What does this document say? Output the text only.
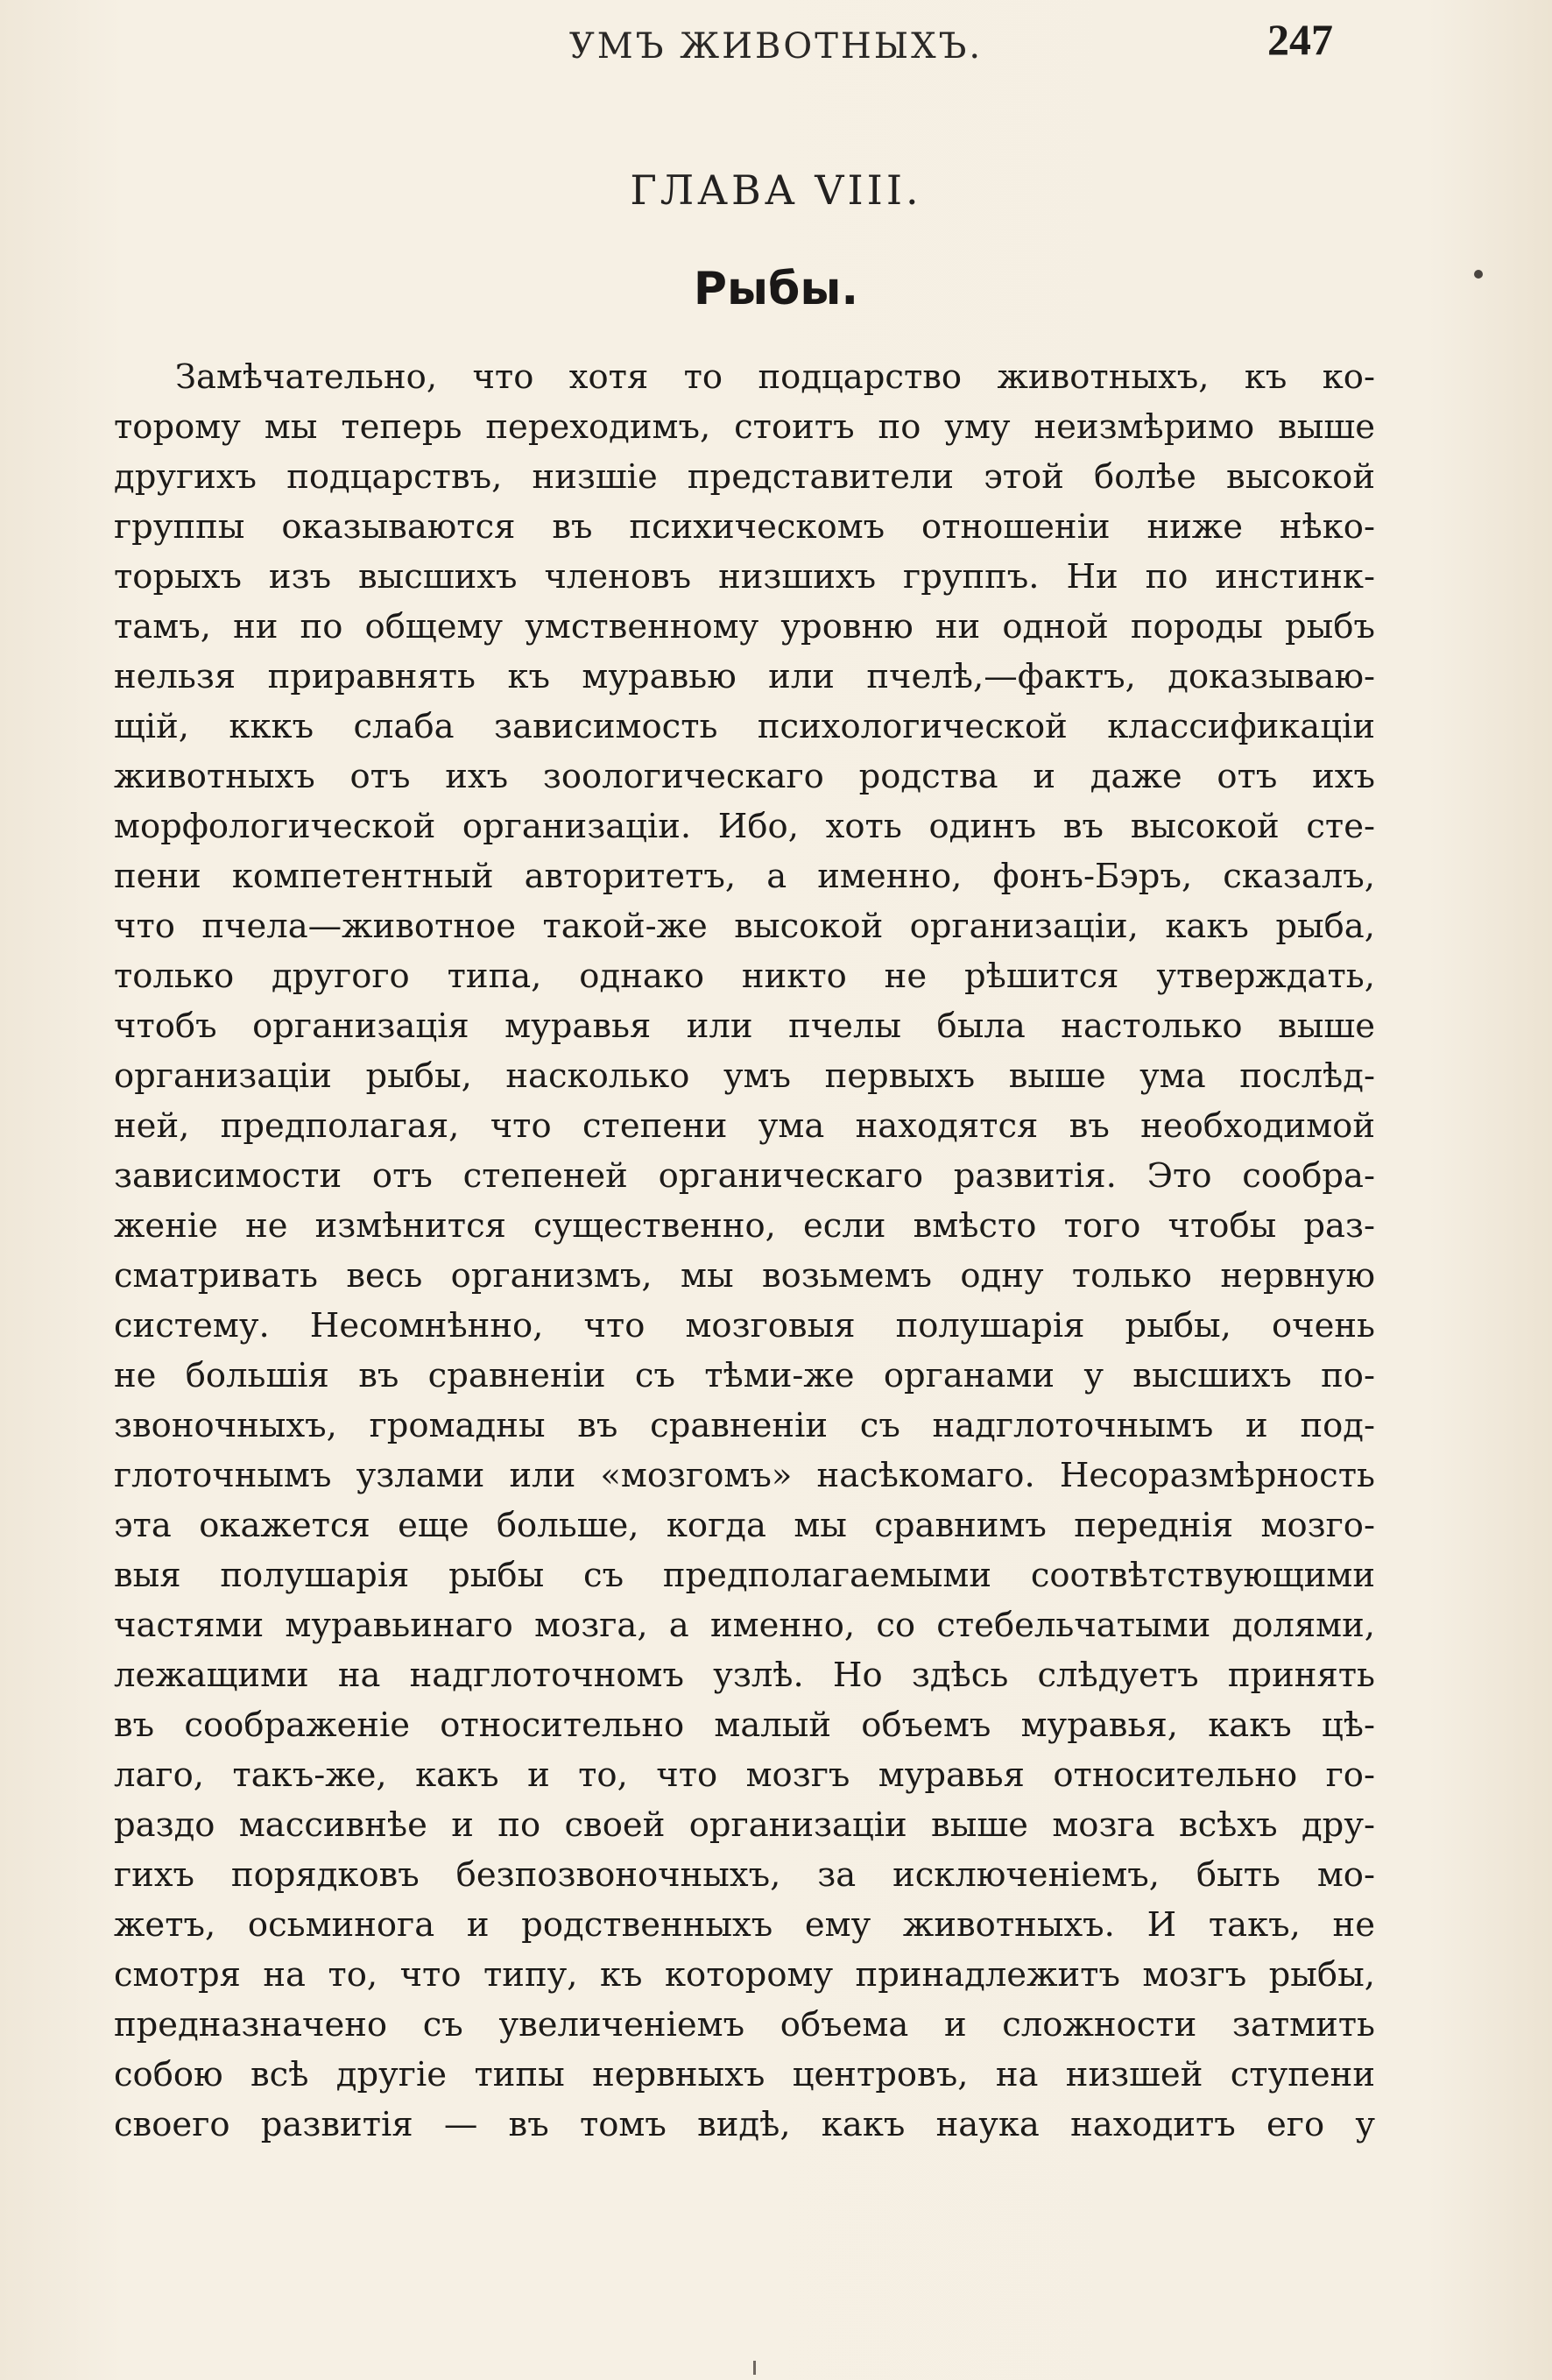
УМЪ ЖИВОТНЫХЪ.	247
ГЛАВА VIII.
Рыбы.
Замѣчательно, что хотя то подцарство животныхъ, къ ко-
торому мы теперь переходимъ, стоитъ по уму неизмѣримо выше
другихъ подцарствъ, низшіе представители этой болѣе высокой
группы оказываются въ психическомъ отношеніи ниже нѣко-
торыхъ изъ высшихъ членовъ низшихъ группъ. Ни по инстинк-
тамъ, ни по общему умственному уровню ни одной породы рыбъ
нельзя приравнять къ муравью или пчелѣ,—фактъ, доказываю-
щій, кккъ слаба зависимость психологической классификаціи
животныхъ отъ ихъ зоологическаго родства и даже отъ ихъ
морфологической организаціи. Ибо, хоть одинъ въ высокой сте-
пени компетентный авторитетъ, а именно, фонъ-Бэръ, сказалъ,
что пчела—животное такой-же высокой организаціи, какъ рыба,
только другого типа, однако никто не рѣшится утверждать,
чтобъ организація муравья или пчелы была настолько выше
организаціи рыбы, насколько умъ первыхъ выше ума послѣд-
ней, предполагая, что степени ума находятся въ необходимой
зависимости отъ степеней органическаго развитія. Это сообра-
женіе не измѣнится существенно, если вмѣсто того чтобы раз-
сматривать весь организмъ, мы возьмемъ одну только нервную
систему. Несомнѣнно, что мозговыя полушарія рыбы, очень
не большія въ сравненіи съ тѣми-же органами у высшихъ по-
звоночныхъ, громадны въ сравненіи съ надглоточнымъ и под-
глоточнымъ узлами или «мозгомъ» насѣкомаго. Несоразмѣрность
эта окажется еще больше, когда мы сравнимъ переднія мозго-
выя полушарія рыбы съ предполагаемыми соотвѣтствующими
частями муравьинаго мозга, а именно, со стебельчатыми долями,
лежащими на надглоточномъ узлѣ. Но здѣсь слѣдуетъ принять
въ соображеніе относительно малый объемъ муравья, какъ цѣ-
лаго, такъ-же, какъ и то, что мозгъ муравья относительно го-
раздо массивнѣе и по своей организаціи выше мозга всѣхъ дру-
гихъ порядковъ безпозвоночныхъ, за исключеніемъ, быть мо-
жетъ, осьминога и родственныхъ ему животныхъ. И такъ, не
смотря на то, что типу, къ которому принадлежитъ мозгъ рыбы,
предназначено съ увеличеніемъ объема и сложности затмить
собою всѣ другіе типы нервныхъ центровъ, на низшей ступени
своего развитія — въ томъ видѣ, какъ наука находитъ его у
